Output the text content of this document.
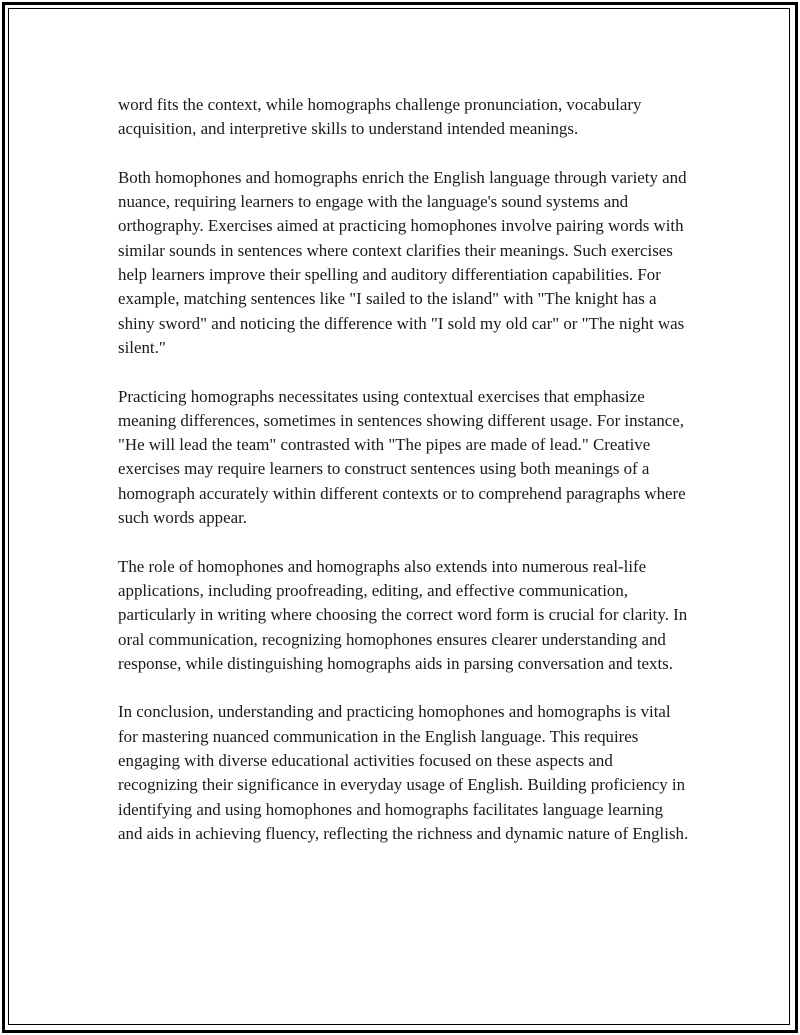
word fits the context, while homographs challenge pronunciation, vocabulary acquisition, and interpretive skills to understand intended meanings.

Both homophones and homographs enrich the English language through variety and nuance, requiring learners to engage with the language's sound systems and orthography. Exercises aimed at practicing homophones involve pairing words with similar sounds in sentences where context clarifies their meanings. Such exercises help learners improve their spelling and auditory differentiation capabilities. For example, matching sentences like "I sailed to the island" with "The knight has a shiny sword" and noticing the difference with "I sold my old car" or "The night was silent."

Practicing homographs necessitates using contextual exercises that emphasize meaning differences, sometimes in sentences showing different usage. For instance, "He will lead the team" contrasted with "The pipes are made of lead." Creative exercises may require learners to construct sentences using both meanings of a homograph accurately within different contexts or to comprehend paragraphs where such words appear.

The role of homophones and homographs also extends into numerous real-life applications, including proofreading, editing, and effective communication, particularly in writing where choosing the correct word form is crucial for clarity. In oral communication, recognizing homophones ensures clearer understanding and response, while distinguishing homographs aids in parsing conversation and texts.

In conclusion, understanding and practicing homophones and homographs is vital for mastering nuanced communication in the English language. This requires engaging with diverse educational activities focused on these aspects and recognizing their significance in everyday usage of English. Building proficiency in identifying and using homophones and homographs facilitates language learning and aids in achieving fluency, reflecting the richness and dynamic nature of English.
